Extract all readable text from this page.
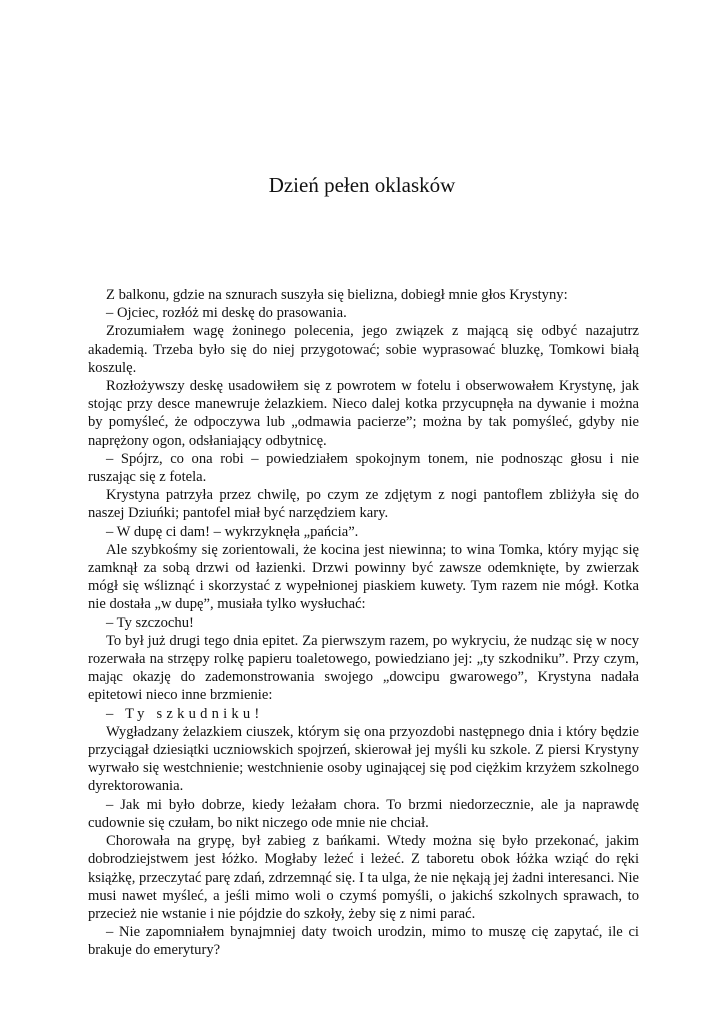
Dzień pełen oklasków

Z balkonu, gdzie na sznurach suszyła się bielizna, dobiegł mnie głos Krystyny:

– Ojciec, rozłóż mi deskę do prasowania.

Zrozumiałem wagę żoninego polecenia, jego związek z mającą się odbyć nazajutrz akademią. Trzeba było się do niej przygotować; sobie wyprasować bluzkę, Tomkowi białą koszulę.

Rozłożywszy deskę usadowiłem się z powrotem w fotelu i obserwowałem Krystynę, jak stojąc przy desce manewruje żelazkiem. Nieco dalej kotka przycupnęła na dywanie i można by pomyśleć, że odpoczywa lub „odmawia pacierze”; można by tak pomyśleć, gdyby nie naprężony ogon, odsłaniający odbytnicę.

– Spójrz, co ona robi – powiedziałem spokojnym tonem, nie podnosząc głosu i nie ruszając się z fotela.

Krystyna patrzyła przez chwilę, po czym ze zdjętym z nogi pantoflem zbliżyła się do naszej Dziuńki; pantofel miał być narzędziem kary.

– W dupę ci dam! – wykrzyknęła „pańcia”.

Ale szybkośmy się zorientowali, że kocina jest niewinna; to wina Tomka, który myjąc się zamknął za sobą drzwi od łazienki. Drzwi powinny być zawsze odemknięte, by zwierzak mógł się wśliznąć i skorzystać z wypełnionej piaskiem kuwety. Tym razem nie mógł. Kotka nie dostała „w dupę”, musiała tylko wysłuchać:

– Ty szczochu!

To był już drugi tego dnia epitet. Za pierwszym razem, po wykryciu, że nudząc się w nocy rozerwała na strzępy rolkę papieru toaletowego, powiedziano jej: „ty szkodniku”. Przy czym, mając okazję do zademonstrowania swojego „dowcipu gwarowego”, Krystyna nadała epitetowi nieco inne brzmienie:

– Ty szkudniku!

Wygładzany żelazkiem ciuszek, którym się ona przyozdobi następnego dnia i który będzie przyciągał dziesiątki uczniowskich spojrzeń, skierował jej myśli ku szkole. Z piersi Krystyny wyrwało się westchnienie; westchnienie osoby uginającej się pod ciężkim krzyżem szkolnego dyrektorowania.

– Jak mi było dobrze, kiedy leżałam chora. To brzmi niedorzecznie, ale ja naprawdę cudownie się czułam, bo nikt niczego ode mnie nie chciał.

Chorowała na grypę, był zabieg z bańkami. Wtedy można się było przekonać, jakim dobrodziejstwem jest łóżko. Mogłaby leżeć i leżeć. Z taboretu obok łóżka wziąć do ręki książkę, przeczytać parę zdań, zdrzemnąć się. I ta ulga, że nie nękają jej żadni interesanci. Nie musi nawet myśleć, a jeśli mimo woli o czymś pomyśli, o jakichś szkolnych sprawach, to przecież nie wstanie i nie pójdzie do szkoły, żeby się z nimi parać.

– Nie zapomniałem bynajmniej daty twoich urodzin, mimo to muszę cię zapytać, ile ci brakuje do emerytury?
